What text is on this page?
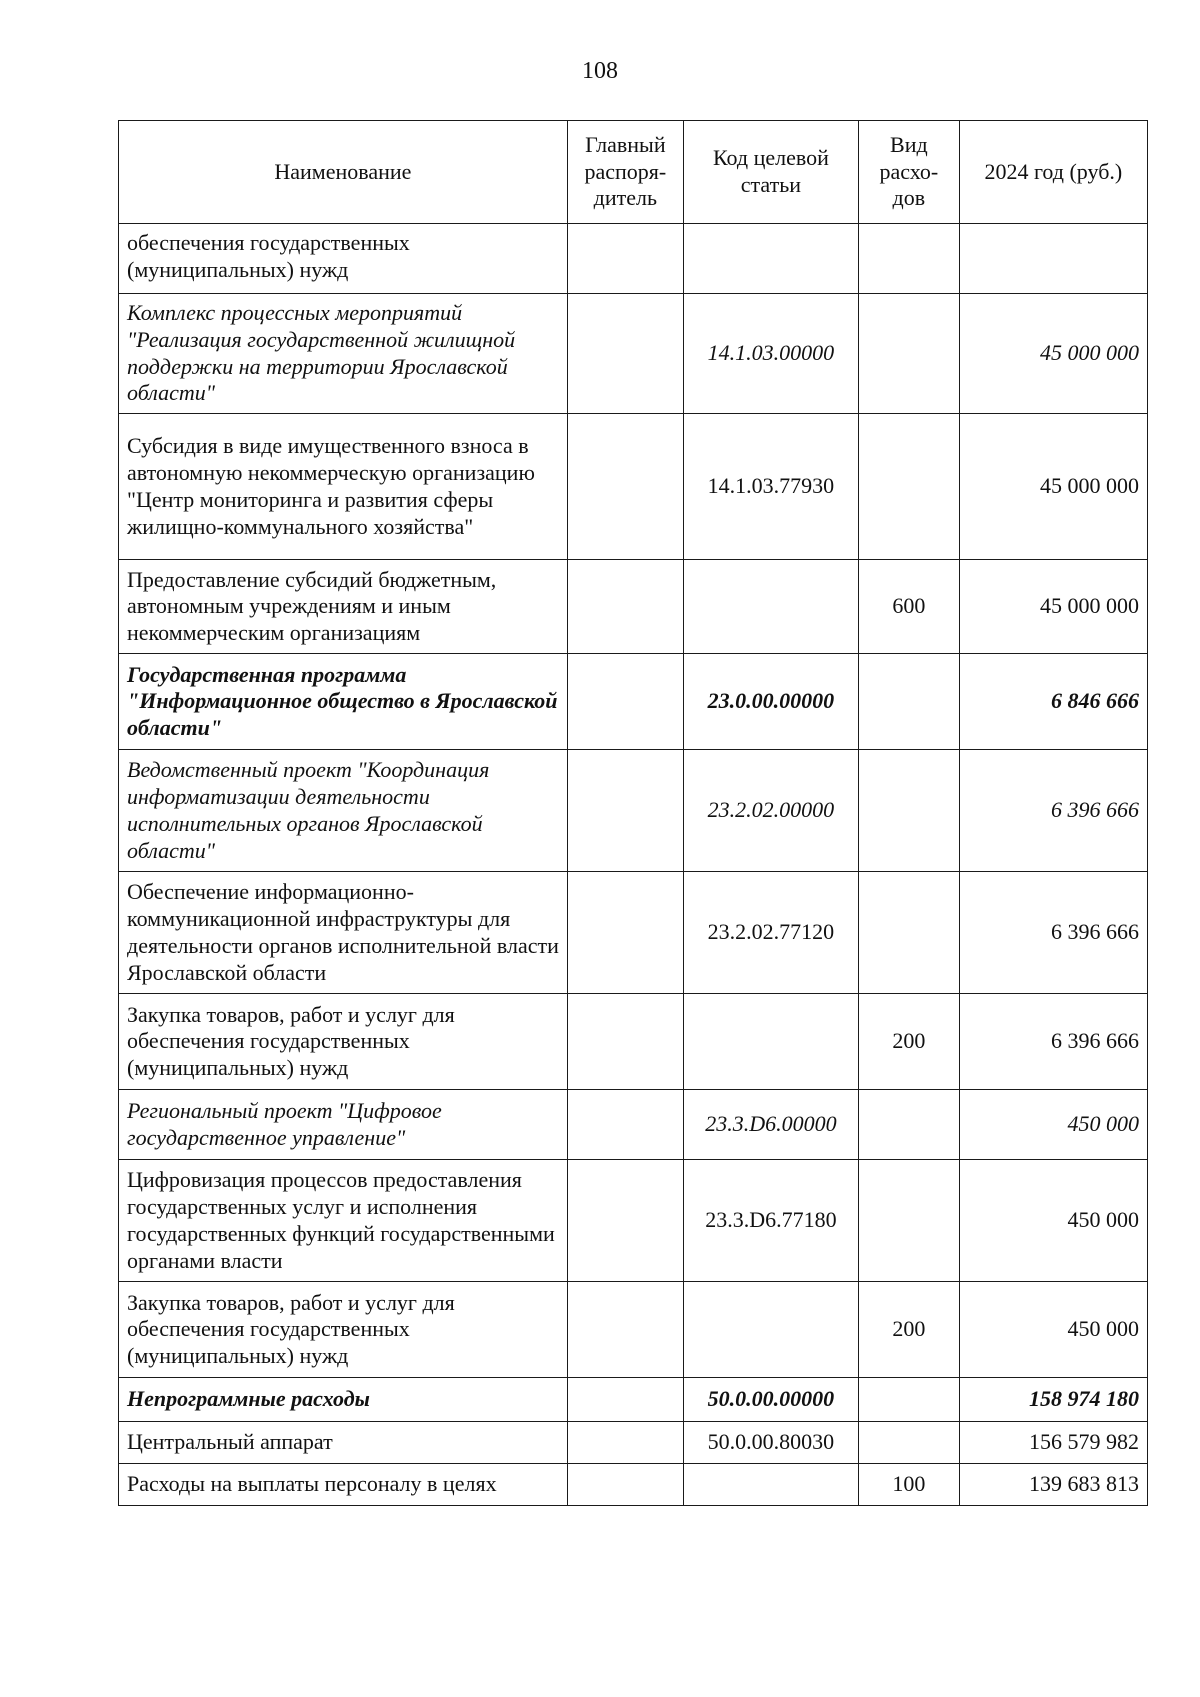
108
Наименование	Главный распоря-дитель	Код целевой статьи	Вид расхо-дов	2024 год (руб.)
обеспечения государственных (муниципальных) нужд				
Комплекс процессных мероприятий "Реализация государственной жилищной поддержки на территории Ярославской области"		14.1.03.00000		45 000 000
Субсидия в виде имущественного взноса в автономную некоммерческую организацию "Центр мониторинга и развития сферы жилищно-коммунального хозяйства"		14.1.03.77930		45 000 000
Предоставление субсидий бюджетным, автономным учреждениям и иным некоммерческим организациям			600	45 000 000
Государственная программа "Информационное общество в Ярославской области"		23.0.00.00000		6 846 666
Ведомственный проект "Координация информатизации деятельности исполнительных органов Ярославской области"		23.2.02.00000		6 396 666
Обеспечение информационно-коммуникационной инфраструктуры для деятельности органов исполнительной власти Ярославской области		23.2.02.77120		6 396 666
Закупка товаров, работ и услуг для обеспечения государственных (муниципальных) нужд			200	6 396 666
Региональный проект "Цифровое государственное управление"		23.3.D6.00000		450 000
Цифровизация процессов предоставления государственных услуг и исполнения государственных функций государственными органами власти		23.3.D6.77180		450 000
Закупка товаров, работ и услуг для обеспечения государственных (муниципальных) нужд			200	450 000
Непрограммные расходы		50.0.00.00000		158 974 180
Центральный аппарат		50.0.00.80030		156 579 982
Расходы на выплаты персоналу в целях			100	139 683 813
